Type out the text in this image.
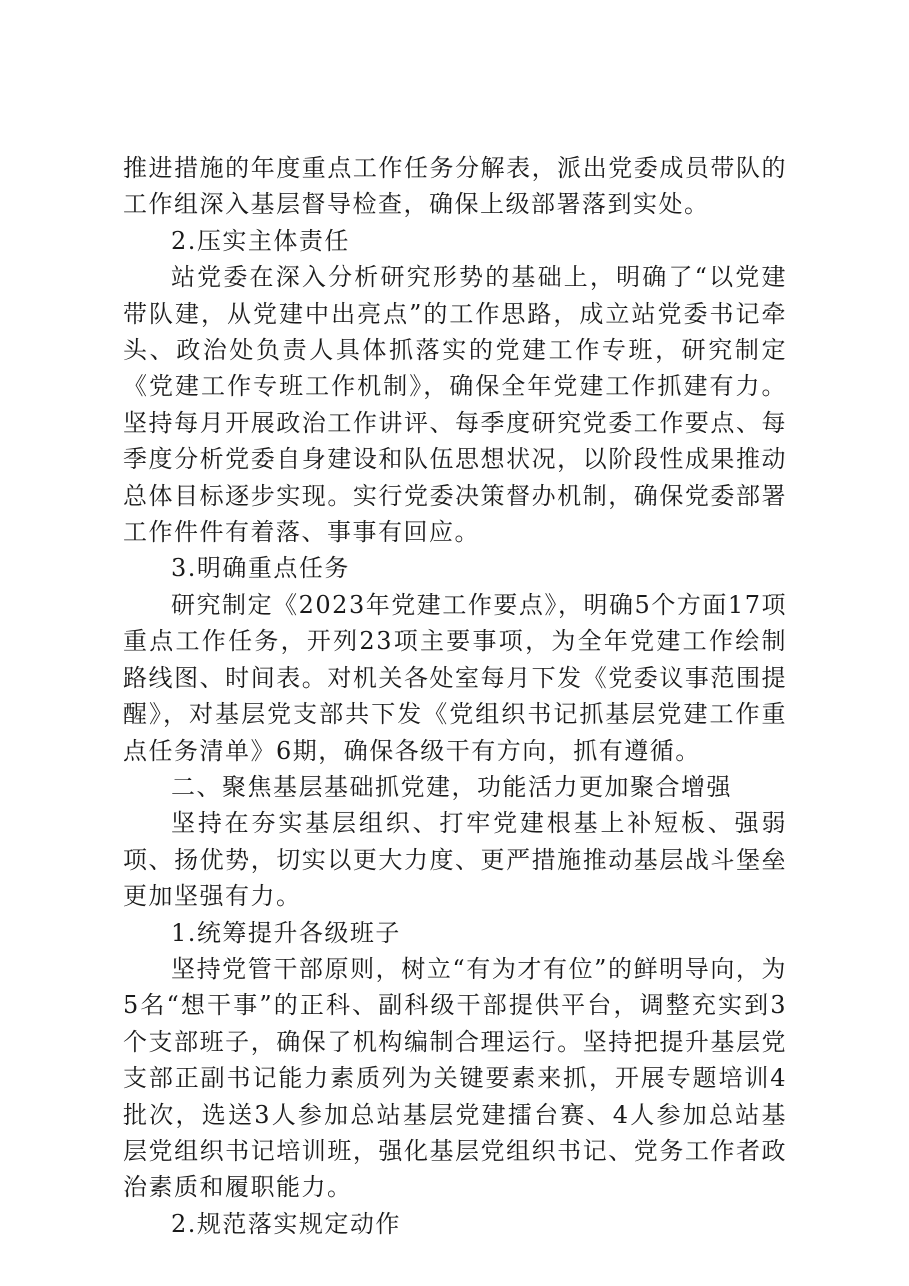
推进措施的年度重点工作任务分解表，派出党委成员带队的工作组深入基层督导检查，确保上级部署落到实处。

2.压实主体责任

站党委在深入分析研究形势的基础上，明确了“以党建带队建，从党建中出亮点”的工作思路，成立站党委书记牵头、政治处负责人具体抓落实的党建工作专班，研究制定《党建工作专班工作机制》，确保全年党建工作抓建有力。坚持每月开展政治工作讲评、每季度研究党委工作要点、每季度分析党委自身建设和队伍思想状况，以阶段性成果推动总体目标逐步实现。实行党委决策督办机制，确保党委部署工作件件有着落、事事有回应。

3.明确重点任务

研究制定《2023年党建工作要点》，明确5个方面17项重点工作任务，开列23项主要事项，为全年党建工作绘制路线图、时间表。对机关各处室每月下发《党委议事范围提醒》，对基层党支部共下发《党组织书记抓基层党建工作重点任务清单》6期，确保各级干有方向，抓有遵循。

二、聚焦基层基础抓党建，功能活力更加聚合增强

坚持在夯实基层组织、打牢党建根基上补短板、强弱项、扬优势，切实以更大力度、更严措施推动基层战斗堡垒更加坚强有力。

1.统筹提升各级班子

坚持党管干部原则，树立“有为才有位”的鲜明导向，为5名“想干事”的正科、副科级干部提供平台，调整充实到3个支部班子，确保了机构编制合理运行。坚持把提升基层党支部正副书记能力素质列为关键要素来抓，开展专题培训4批次，选送3人参加总站基层党建擂台赛、4人参加总站基层党组织书记培训班，强化基层党组织书记、党务工作者政治素质和履职能力。

2.规范落实规定动作
